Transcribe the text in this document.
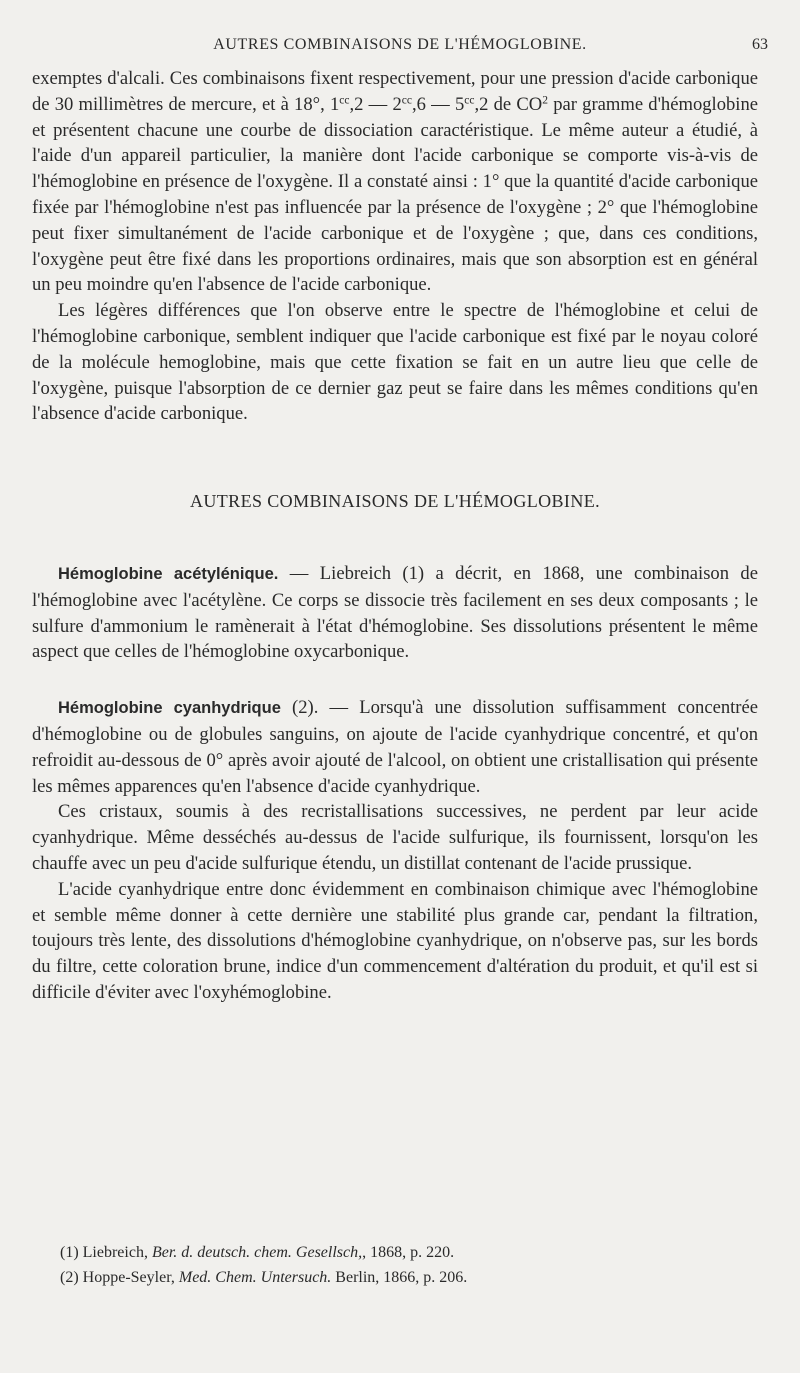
AUTRES COMBINAISONS DE L'HÉMOGLOBINE.	63

exemptes d'alcali. Ces combinaisons fixent respectivement, pour une pression d'acide carbonique de 30 millimètres de mercure, et à 18°, $1^{cc},2$ — $2^{cc},6$ — $5^{cc},2$ de $CO^2$ par gramme d'hémoglobine et présentent chacune une courbe de dissociation caractéristique. Le même auteur a étudié, à l'aide d'un appareil particulier, la manière dont l'acide carbonique se comporte vis-à-vis de l'hémoglobine en présence de l'oxygène. Il a constaté ainsi : 1° que la quantité d'acide carbonique fixée par l'hémoglobine n'est pas influencée par la présence de l'oxygène ; 2° que l'hémoglobine peut fixer simultanément de l'acide carbonique et de l'oxygène ; que, dans ces conditions, l'oxygène peut être fixé dans les proportions ordinaires, mais que son absorption est en général un peu moindre qu'en l'absence de l'acide carbonique.

Les légères différences que l'on observe entre le spectre de l'hémoglobine et celui de l'hémoglobine carbonique, semblent indiquer que l'acide carbonique est fixé par le noyau coloré de la molécule hemoglobine, mais que cette fixation se fait en un autre lieu que celle de l'oxygène, puisque l'absorption de ce dernier gaz peut se faire dans les mêmes conditions qu'en l'absence d'acide carbonique.

AUTRES COMBINAISONS DE L'HÉMOGLOBINE.

Hémoglobine acétylénique. — Liebreich (1) a décrit, en 1868, une combinaison de l'hémoglobine avec l'acétylène. Ce corps se dissocie très facilement en ses deux composants ; le sulfure d'ammonium le ramènerait à l'état d'hémoglobine. Ses dissolutions présentent le même aspect que celles de l'hémoglobine oxycarbonique.

Hémoglobine cyanhydrique (2). — Lorsqu'à une dissolution suffisamment concentrée d'hémoglobine ou de globules sanguins, on ajoute de l'acide cyanhydrique concentré, et qu'on refroidit au-dessous de 0° après avoir ajouté de l'alcool, on obtient une cristallisation qui présente les mêmes apparences qu'en l'absence d'acide cyanhydrique.

Ces cristaux, soumis à des recristallisations successives, ne perdent par leur acide cyanhydrique. Même desséchés au-dessus de l'acide sulfurique, ils fournissent, lorsqu'on les chauffe avec un peu d'acide sulfurique étendu, un distillat contenant de l'acide prussique.

L'acide cyanhydrique entre donc évidemment en combinaison chimique avec l'hémoglobine et semble même donner à cette dernière une stabilité plus grande car, pendant la filtration, toujours très lente, des dissolutions d'hémoglobine cyanhydrique, on n'observe pas, sur les bords du filtre, cette coloration brune, indice d'un commencement d'altération du produit, et qu'il est si difficile d'éviter avec l'oxyhémoglobine.

(1) Liebreich, Ber. d. deutsch. chem. Gesellsch,, 1868, p. 220.

(2) Hoppe-Seyler, Med. Chem. Untersuch. Berlin, 1866, p. 206.
